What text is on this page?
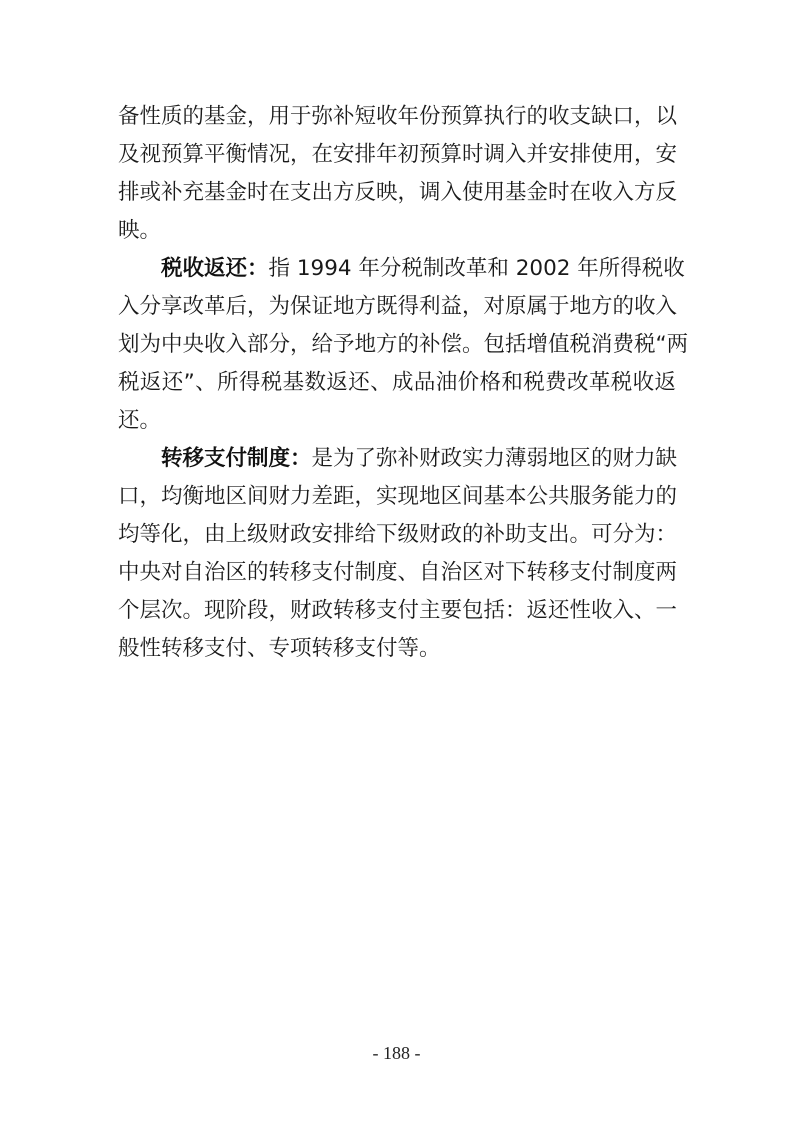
备性质的基金，用于弥补短收年份预算执行的收支缺口，以
及视预算平衡情况，在安排年初预算时调入并安排使用，安
排或补充基金时在支出方反映，调入使用基金时在收入方反
映。
税收返还：指 1994 年分税制改革和 2002 年所得税收
入分享改革后，为保证地方既得利益，对原属于地方的收入
划为中央收入部分，给予地方的补偿。包括增值税消费税“两
税返还”、所得税基数返还、成品油价格和税费改革税收返
还。
转移支付制度：是为了弥补财政实力薄弱地区的财力缺
口，均衡地区间财力差距，实现地区间基本公共服务能力的
均等化，由上级财政安排给下级财政的补助支出。可分为：
中央对自治区的转移支付制度、自治区对下转移支付制度两
个层次。现阶段，财政转移支付主要包括：返还性收入、一
般性转移支付、专项转移支付等。
- 188 -
